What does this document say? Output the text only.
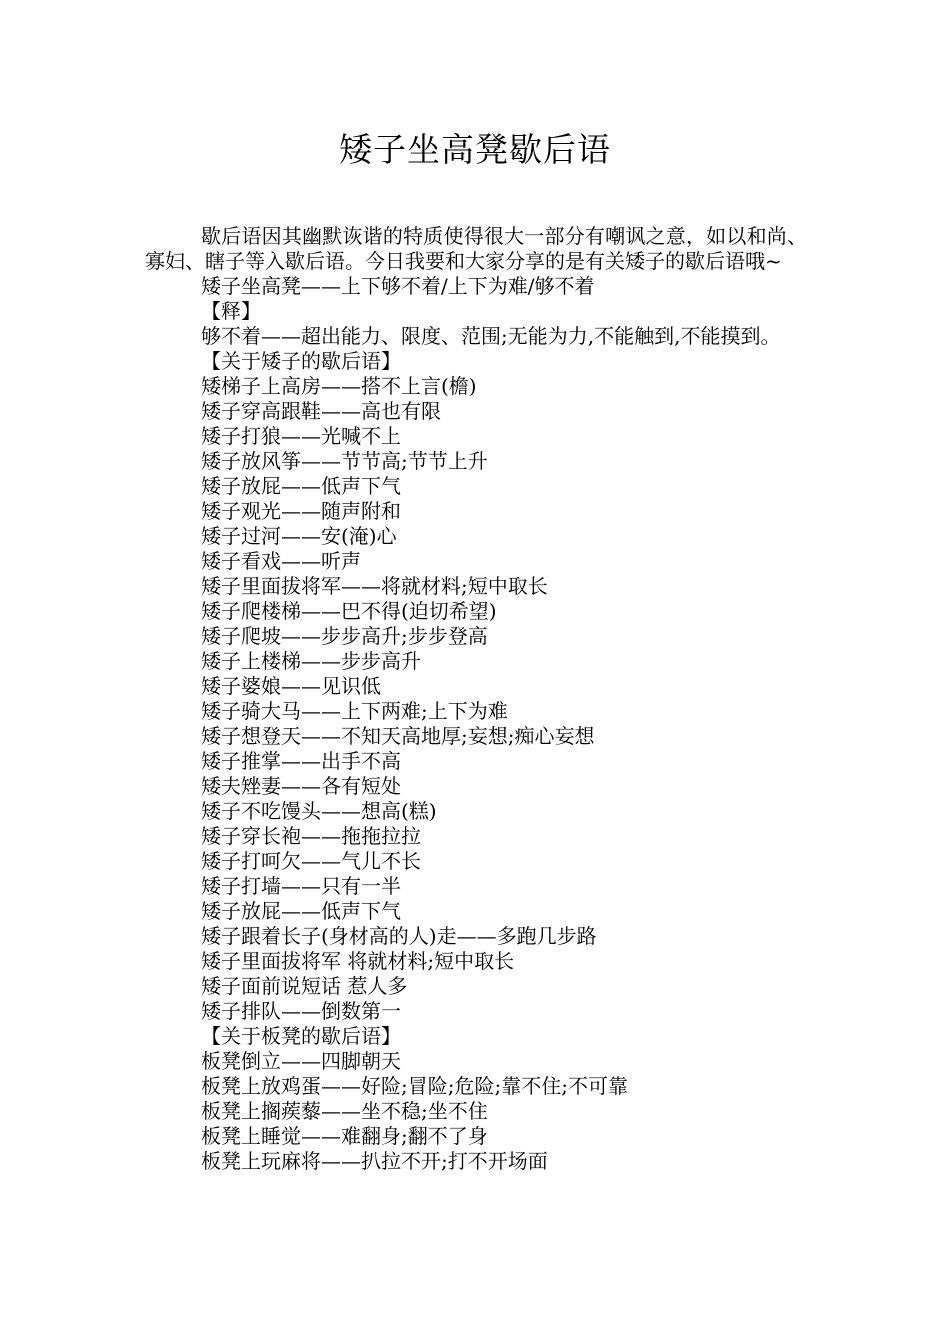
矮子坐高凳歇后语

歇后语因其幽默诙谐的特质使得很大一部分有嘲讽之意，如以和尚、寡妇、瞎子等入歇后语。今日我要和大家分享的是有关矮子的歇后语哦~

矮子坐高凳——上下够不着/上下为难/够不着

【释】

够不着——超出能力、限度、范围;无能为力,不能触到,不能摸到。

【关于矮子的歇后语】

矮梯子上高房——搭不上言(檐)

矮子穿高跟鞋——高也有限

矮子打狼——光喊不上

矮子放风筝——节节高;节节上升

矮子放屁——低声下气

矮子观光——随声附和

矮子过河——安(淹)心

矮子看戏——听声

矮子里面拔将军——将就材料;短中取长

矮子爬楼梯——巴不得(迫切希望)

矮子爬坡——步步高升;步步登高

矮子上楼梯——步步高升

矮子婆娘——见识低

矮子骑大马——上下两难;上下为难

矮子想登天——不知天高地厚;妄想;痴心妄想

矮子推掌——出手不高

矮夫矬妻——各有短处

矮子不吃馒头——想高(糕)

矮子穿长袍——拖拖拉拉

矮子打呵欠——气儿不长

矮子打墙——只有一半

矮子放屁——低声下气

矮子跟着长子(身材高的人)走——多跑几步路

矮子里面拔将军 将就材料;短中取长

矮子面前说短话 惹人多

矮子排队——倒数第一

【关于板凳的歇后语】

板凳倒立——四脚朝天

板凳上放鸡蛋——好险;冒险;危险;靠不住;不可靠

板凳上搁蒺藜——坐不稳;坐不住

板凳上睡觉——难翻身;翻不了身

板凳上玩麻将——扒拉不开;打不开场面
